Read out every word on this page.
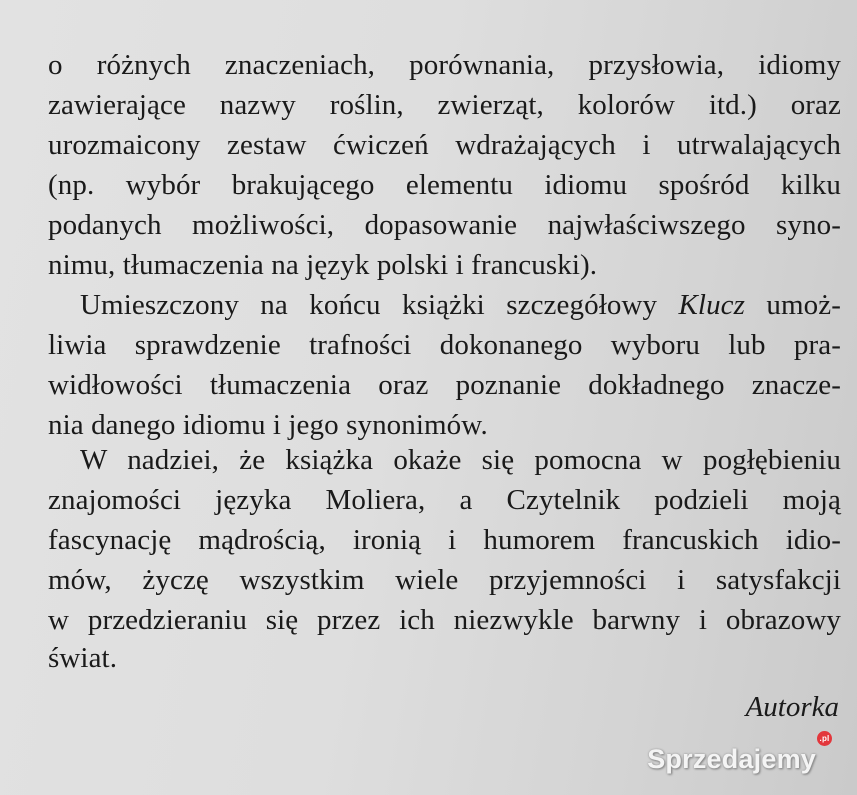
o różnych znaczeniach, porównania, przysłowia, idiomy
zawierające nazwy roślin, zwierząt, kolorów itd.) oraz
urozmaicony zestaw ćwiczeń wdrażających i utrwalających
(np. wybór brakującego elementu idiomu spośród kilku
podanych możliwości, dopasowanie najwłaściwszego syno-
nimu, tłumaczenia na język polski i francuski).
Umieszczony na końcu książki szczegółowy Klucz umoż-
liwia sprawdzenie trafności dokonanego wyboru lub pra-
widłowości tłumaczenia oraz poznanie dokładnego znacze-
nia danego idiomu i jego synonimów.
W nadziei, że książka okaże się pomocna w pogłębieniu
znajomości języka Moliera, a Czytelnik podzieli moją
fascynację mądrością, ironią i humorem francuskich idio-
mów, życzę wszystkim wiele przyjemności i satysfakcji
w przedzieraniu się przez ich niezwykle barwny i obrazowy
świat.
Autorka
Sprzedajemy.pl
